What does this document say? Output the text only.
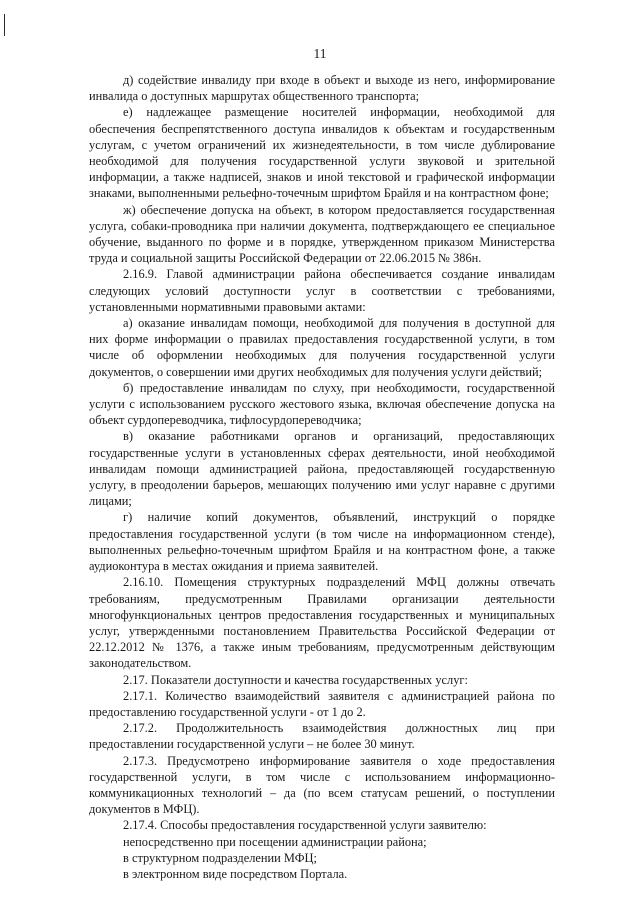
11

д) содействие инвалиду при входе в объект и выходе из него, информирование инвалида о доступных маршрутах общественного транспорта;

е) надлежащее размещение носителей информации, необходимой для обеспечения беспрепятственного доступа инвалидов к объектам и государственным услугам, с учетом ограничений их жизнедеятельности, в том числе дублирование необходимой для получения государственной услуги звуковой и зрительной информации, а также надписей, знаков и иной текстовой и графической информации знаками, выполненными рельефно-точечным шрифтом Брайля и на контрастном фоне;

ж) обеспечение допуска на объект, в котором предоставляется государственная услуга, собаки-проводника при наличии документа, подтверждающего ее специальное обучение, выданного по форме и в порядке, утвержденном приказом Министерства труда и социальной защиты Российской Федерации от 22.06.2015 № 386н.

2.16.9. Главой администрации района обеспечивается создание инвалидам следующих условий доступности услуг в соответствии с требованиями, установленными нормативными правовыми актами:

а) оказание инвалидам помощи, необходимой для получения в доступной для них форме информации о правилах предоставления государственной услуги, в том числе об оформлении необходимых для получения государственной услуги документов, о совершении ими других необходимых для получения услуги действий;

б) предоставление инвалидам по слуху, при необходимости, государственной услуги с использованием русского жестового языка, включая обеспечение допуска на объект сурдопереводчика, тифлосурдопереводчика;

в) оказание работниками органов и организаций, предоставляющих государственные услуги в установленных сферах деятельности, иной необходимой инвалидам помощи администрацией района, предоставляющей государственную услугу, в преодолении барьеров, мешающих получению ими услуг наравне с другими лицами;

г) наличие копий документов, объявлений, инструкций о порядке предоставления государственной услуги (в том числе на информационном стенде), выполненных рельефно-точечным шрифтом Брайля и на контрастном фоне, а также аудиоконтура в местах ожидания и приема заявителей.

2.16.10. Помещения структурных подразделений МФЦ должны отвечать требованиям, предусмотренным Правилами организации деятельности многофункциональных центров предоставления государственных и муниципальных услуг, утвержденными постановлением Правительства Российской Федерации от 22.12.2012 № 1376, а также иным требованиям, предусмотренным действующим законодательством.

2.17. Показатели доступности и качества государственных услуг:

2.17.1. Количество взаимодействий заявителя с администрацией района по предоставлению государственной услуги - от 1 до 2.

2.17.2. Продолжительность взаимодействия должностных лиц при предоставлении государственной услуги – не более 30 минут.

2.17.3. Предусмотрено информирование заявителя о ходе предоставления государственной услуги, в том числе с использованием информационно-коммуникационных технологий – да (по всем статусам решений, о поступлении документов в МФЦ).

2.17.4. Способы предоставления государственной услуги заявителю:

непосредственно при посещении администрации района;

в структурном подразделении МФЦ;

в электронном виде посредством Портала.
